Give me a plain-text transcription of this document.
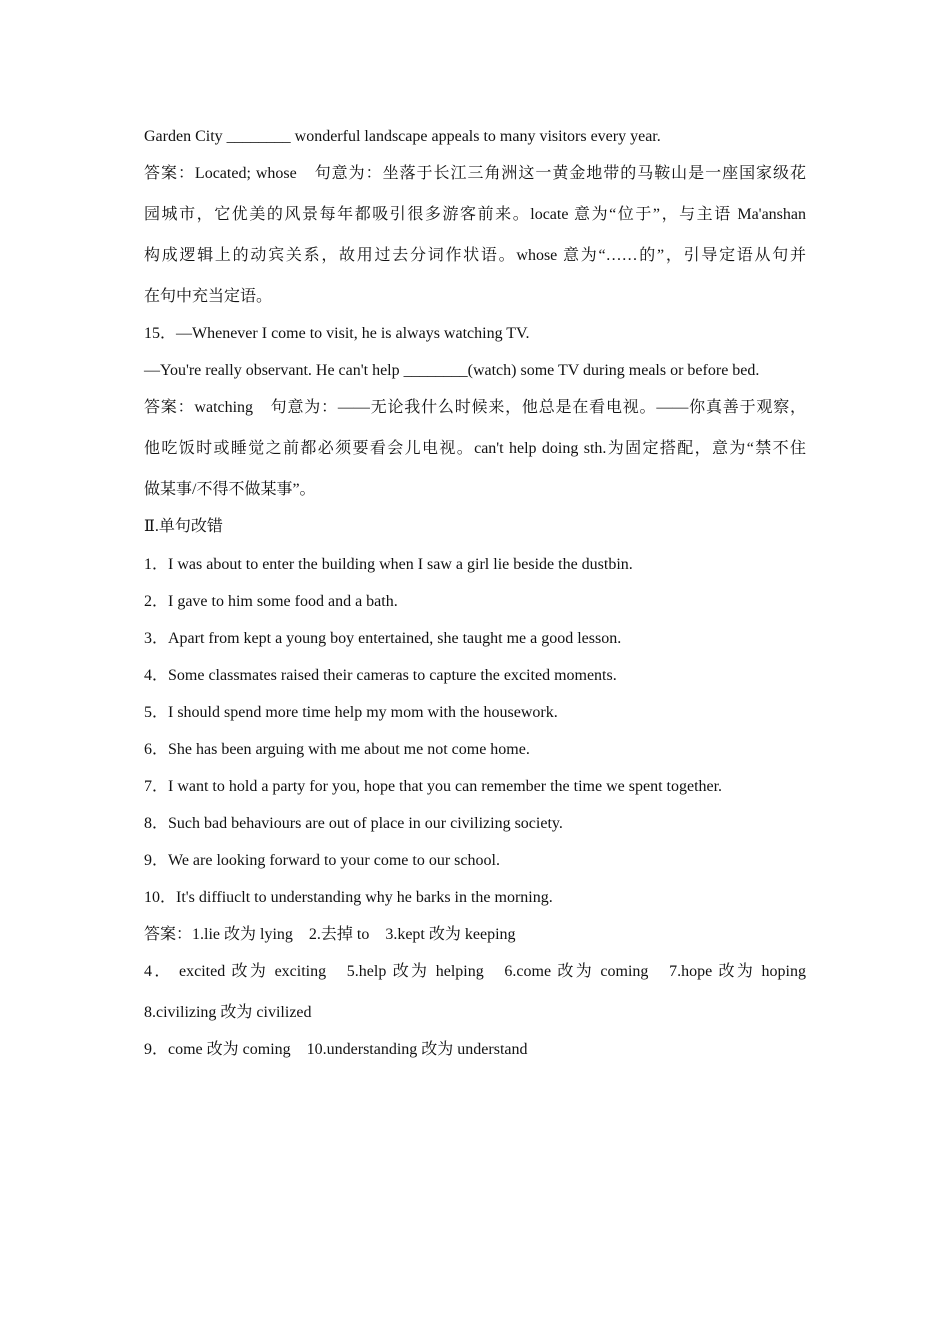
Garden City ________ wonderful landscape appeals to many visitors every year.
答案：Located; whose　句意为：坐落于长江三角洲这一黄金地带的马鞍山是一座国家级花
园城市，它优美的风景每年都吸引很多游客前来。locate 意为“位于”，与主语 Ma'anshan
构成逻辑上的动宾关系，故用过去分词作状语。whose 意为“……的”，引导定语从句并
在句中充当定语。
15．—Whenever I come to visit, he is always watching TV.
—You're really observant. He can't help ________(watch) some TV during meals or before bed.
答案：watching　句意为：——无论我什么时候来，他总是在看电视。——你真善于观察，
他吃饭时或睡觉之前都必须要看会儿电视。can't help doing sth.为固定搭配，意为“禁不住
做某事/不得不做某事”。
Ⅱ.单句改错
1．I was about to enter the building when I saw a girl lie beside the dustbin.
2．I gave to him some food and a bath.
3．Apart from kept a young boy entertained, she taught me a good lesson.
4．Some classmates raised their cameras to capture the excited moments.
5．I should spend more time help my mom with the housework.
6．She has been arguing with me about me not come home.
7．I want to hold a party for you, hope that you can remember the time we spent together.
8．Such bad behaviours are out of place in our civilizing society.
9．We are looking forward to your come to our school.
10．It's diffiuclt to understanding why he barks in the morning.
答案：1.lie 改为 lying　2.去掉 to　3.kept 改为 keeping
4． excited 改为 exciting　5.help 改为 helping　6.come 改为 coming　7.hope 改为 hoping
8.civilizing 改为 civilized
9．come 改为 coming　10.understanding 改为 understand
